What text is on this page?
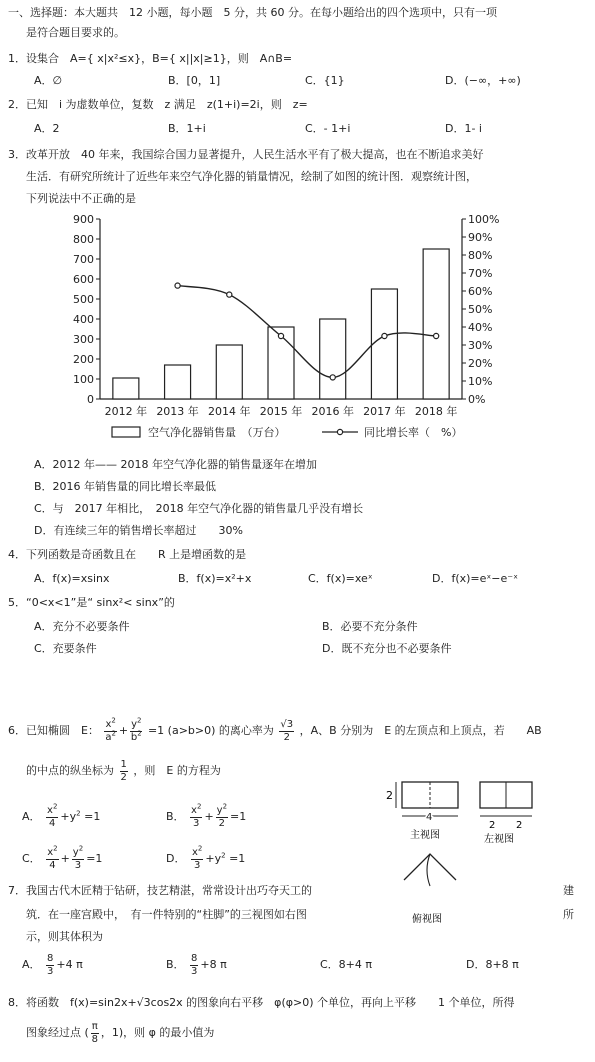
一、选择题：本大题共　12 小题，每小题　5 分，共 60 分。在每小题给出的四个选项中，只有一项
是符合题目要求的。
1．设集合　A={ x|x²≤x}，B={ x||x|≥1}，则　A∩B=
A．∅	B．[0，1]	C．{1}	D．(−∞，+∞)
2．已知　i 为虚数单位，复数　z 满足　z(1+i)=2i，则　z=
A．2	B．1+i	C．- 1+i	D．1- i
3．改革开放　40 年来，我国综合国力显著提升，人民生活水平有了极大提高，也在不断追求美好
生活．有研究所统计了近些年来空气净化器的销量情况，绘制了如图的统计图．观察统计图，
下列说法中不正确的是
0
100
200
300
400
500
600
700
800
900
0%
10%
20%
30%
40%
50%
60%
70%
80%
90%
100%
2012 年 2013 年 2014 年 2015 年 2016 年 2017 年 2018 年
空气净化器销售量　（万台）	同比增长率（　%）
A．2012 年—— 2018 年空气净化器的销售量逐年在增加
B．2016 年销售量的同比增长率最低
C．与　2017 年相比，　2018 年空气净化器的销售量几乎没有增长
D．有连续三年的销售增长率超过　　30%
4．下列函数是奇函数且在　　R 上是增函数的是
A．f(x)=xsinx	B．f(x)=x²+x	C．f(x)=xeˣ	D．f(x)=eˣ−e⁻ˣ
5．“0<x<1”是“ sinx²< sinx”的
A．充分不必要条件	B．必要不充分条件
C．充要条件	D．既不充分也不必要条件
6．已知椭圆　E： $\frac{x^2}{a^2} + \frac{y^2}{b^2} =1$ (a>b>0) 的离心率为 $\frac{√3}{2}$ ，A、B 分别为　E 的左顶点和上顶点，若　　AB
的中点的纵坐标为 $\frac{1}{2}$ ，则　E 的方程为
A． $\frac{x^2}{4} +y^2 =1$	B． $\frac{x^2}{3} + \frac{y^2}{2} =1$
C． $\frac{x^2}{4} + \frac{y^2}{3} =1$	D． $\frac{x^2}{3} +y^2 =1$
2
4
主视图
2 2
左视图
俯视图
7．我国古代木匠精于钻研，技艺精湛，常常设计出巧夺天工的	建
筑．在一座宫殿中，　有一件特别的“柱脚”的三视图如右图	所
示，则其体积为
A． $\frac{8}{3} +4$ π	B． $\frac{8}{3} +8$ π	C．8+4 π	D．8+8 π
8．将函数　f(x)=sin2x+√3cos2x 的图象向右平移　φ(φ>0) 个单位，再向上平移　　1 个单位，所得
图象经过点 ( $\frac{\pi}{8}$ ，1)，则 φ 的最小值为
